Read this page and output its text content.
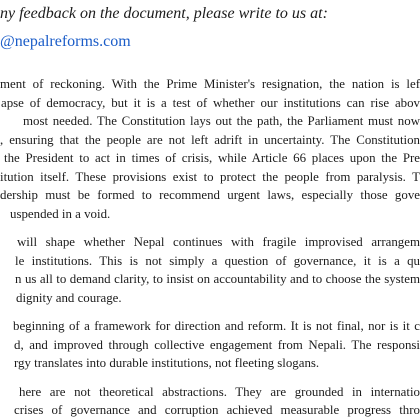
ny feedback on the document, please write to us at:
@nepalreforms.com
ment of reckoning. With the Prime Minister's resignation, the nation is lef
apse of democracy, but it is a test of whether our institutions can rise abov
most needed. The Constitution lays out the path, the Parliament must now
, ensuring that the people are not left adrift in uncertainty. The Constitution
the President to act in times of crisis, while Article 66 places upon the Pre
itution itself. These provisions exist to protect the people from paralysis. T
dership must be formed to recommend urgent laws, especially those gove
uspended in a void.
will shape whether Nepal continues with fragile improvised arrangem
le institutions. This is not simply a question of governance, it is a qu
n us all to demand clarity, to insist on accountability and to choose the system
dignity and courage.
beginning of a framework for direction and reform. It is not final, nor is it c
d, and improved through collective engagement from Nepali. The responsi
rgy translates into durable institutions, not fleeting slogans.
here are not theoretical abstractions. They are grounded in internatio
crises of governance and corruption achieved measurable progress thro
